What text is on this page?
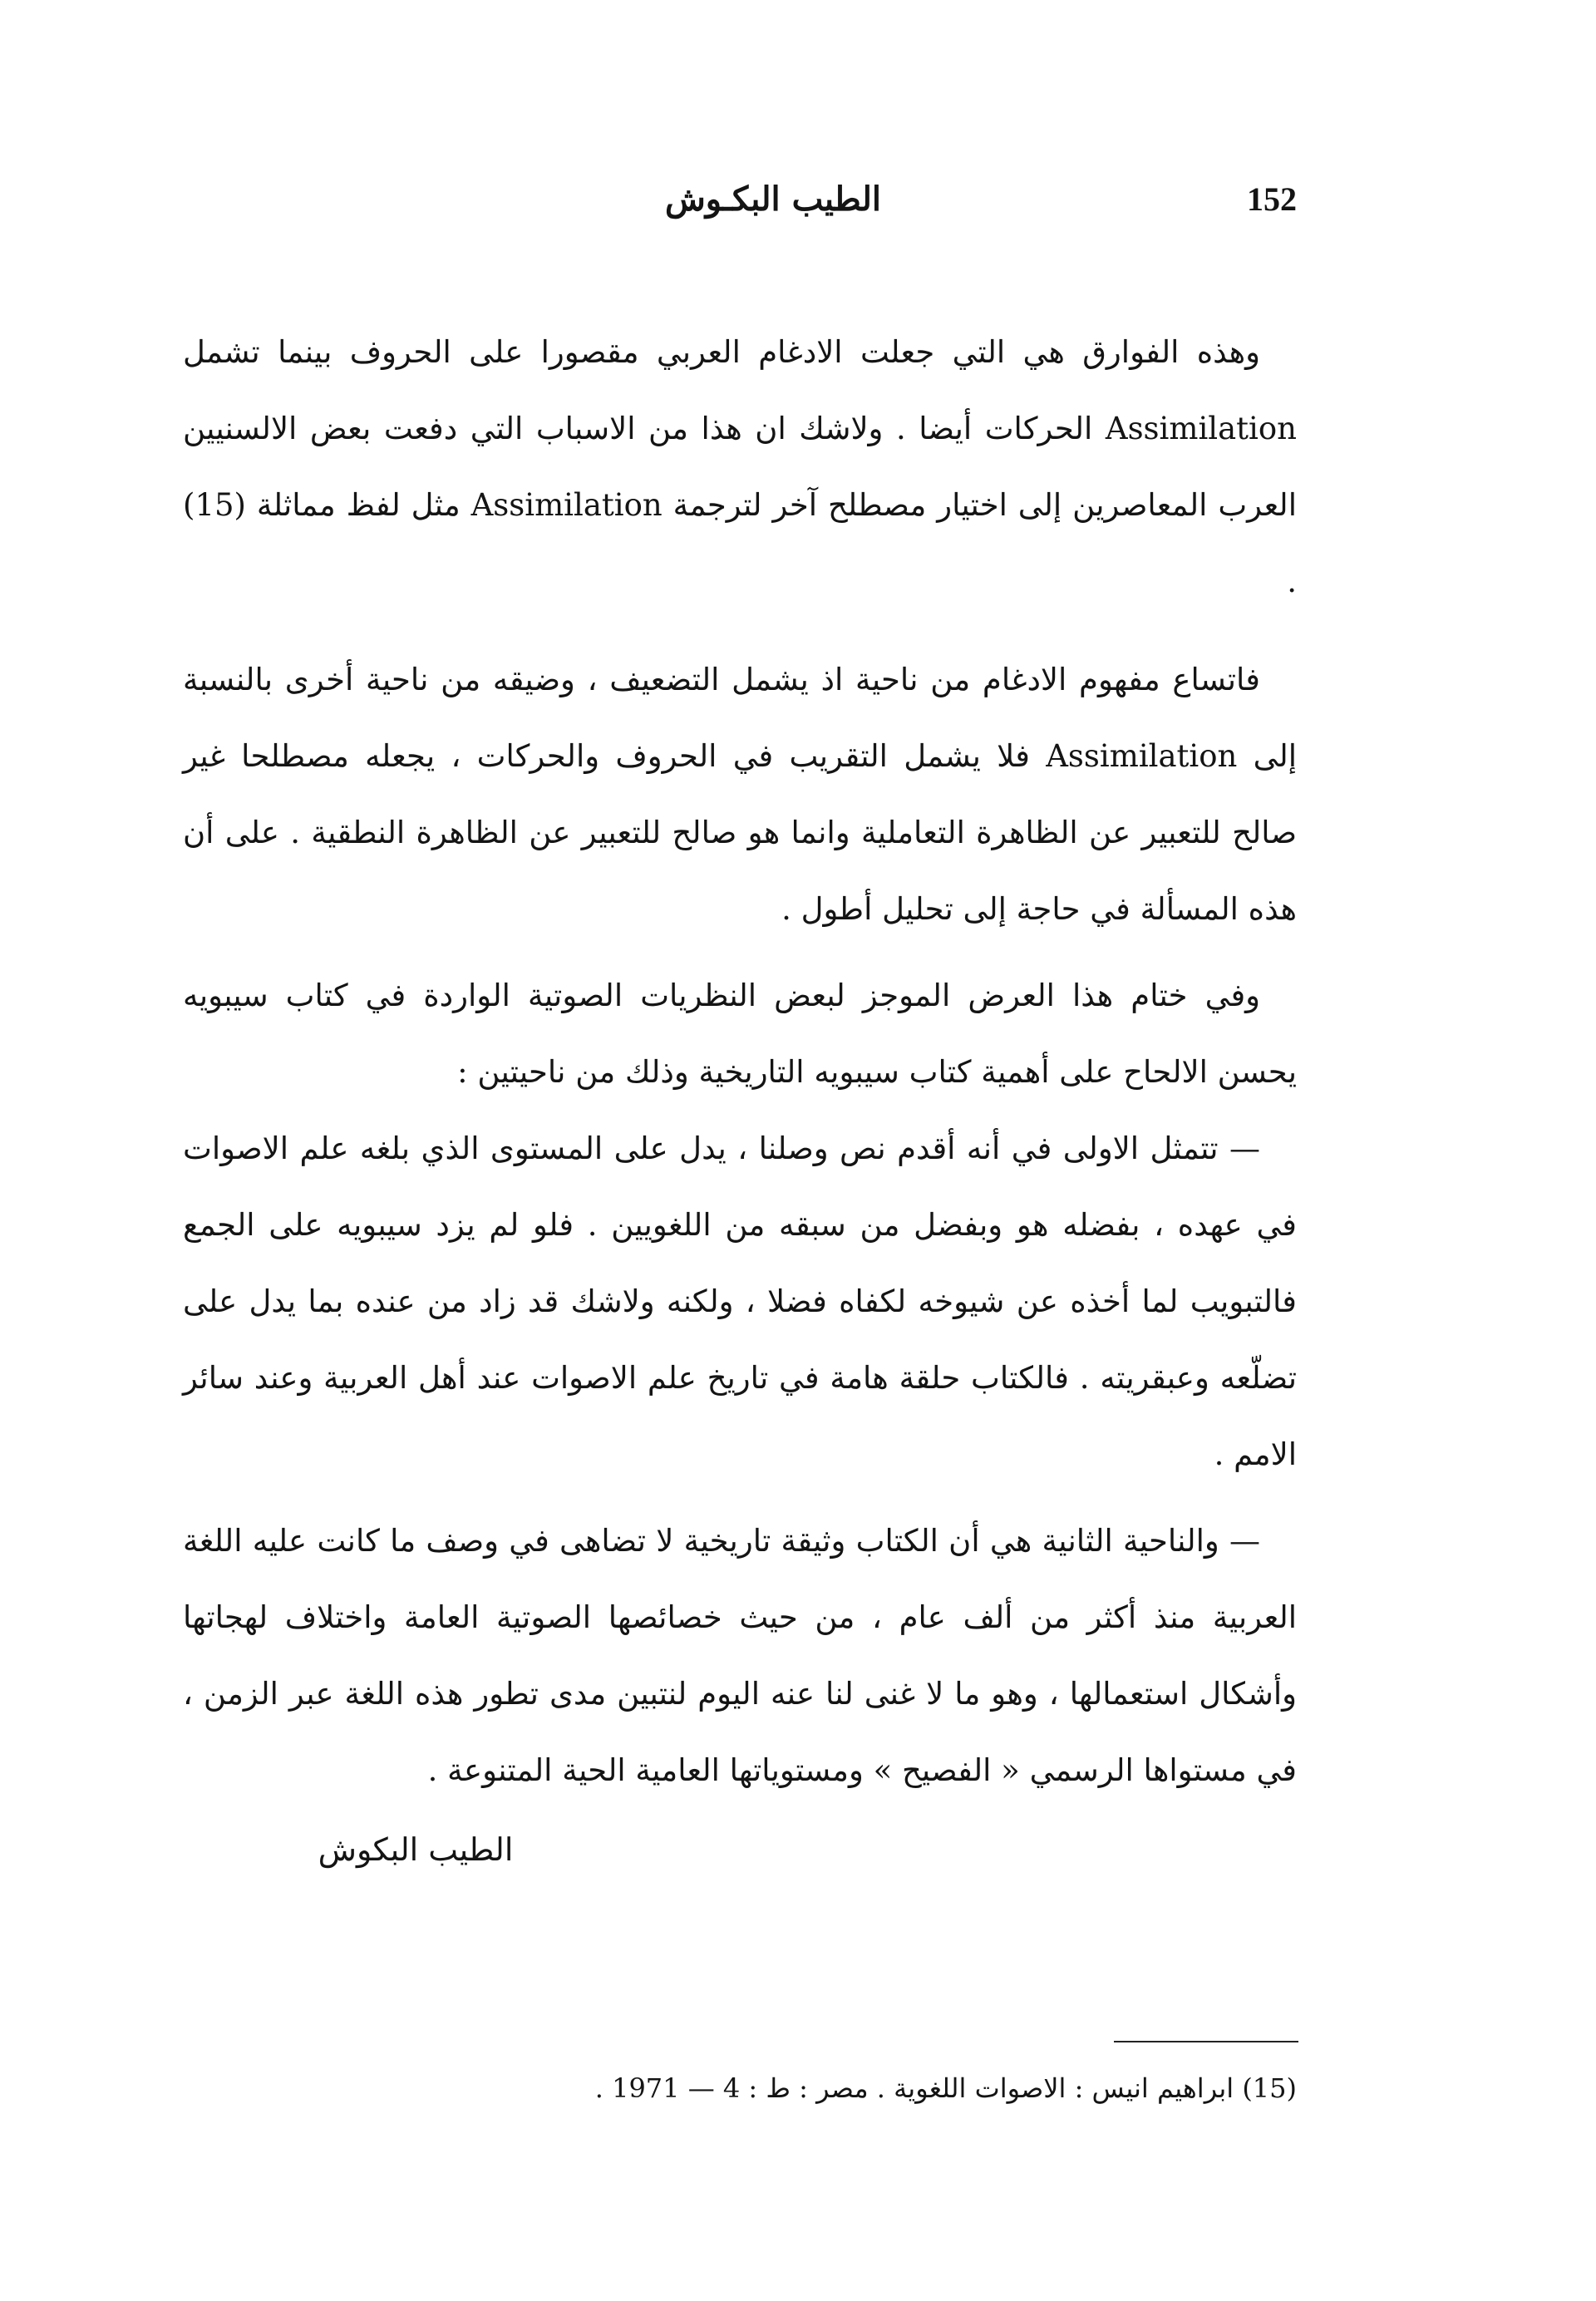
152
الطيب البكـوش

وهذه الفوارق هي التي جعلت الادغام العربي مقصورا على الحروف بينما تشمل Assimilation الحركات أيضا . ولاشك ان هذا من الاسباب التي دفعت بعض الالسنيين العرب المعاصرين إلى اختيار مصطلح آخر لترجمة Assimilation مثل لفظ مماثلة (15) .

فاتساع مفهوم الادغام من ناحية اذ يشمل التضعيف ، وضيقه من ناحية أخرى بالنسبة إلى Assimilation فلا يشمل التقريب في الحروف والحركات ، يجعله مصطلحا غير صالح للتعبير عن الظاهرة التعاملية وانما هو صالح للتعبير عن الظاهرة النطقية . على أن هذه المسألة في حاجة إلى تحليل أطول .

وفي ختام هذا العرض الموجز لبعض النظريات الصوتية الواردة في كتاب سيبويه يحسن الالحاح على أهمية كتاب سيبويه التاريخية وذلك من ناحيتين :

— تتمثل الاولى في أنه أقدم نص وصلنا ، يدل على المستوى الذي بلغه علم الاصوات في عهده ، بفضله هو وبفضل من سبقه من اللغويين . فلو لم يزد سيبويه على الجمع فالتبويب لما أخذه عن شيوخه لكفاه فضلا ، ولكنه ولاشك قد زاد من عنده بما يدل على تضلّعه وعبقريته . فالكتاب حلقة هامة في تاريخ علم الاصوات عند أهل العربية وعند سائر الامم .

— والناحية الثانية هي أن الكتاب وثيقة تاريخية لا تضاهى في وصف ما كانت عليه اللغة العربية منذ أكثر من ألف عام ، من حيث خصائصها الصوتية العامة واختلاف لهجاتها وأشكال استعمالها ، وهو ما لا غنى لنا عنه اليوم لنتبين مدى تطور هذه اللغة عبر الزمن ، في مستواها الرسمي « الفصيح » ومستوياتها العامية الحية المتنوعة .

الطيب البكوش
(15) ابراهيم انيس : الاصوات اللغوية . مصر : ط : 4 — 1971 .
